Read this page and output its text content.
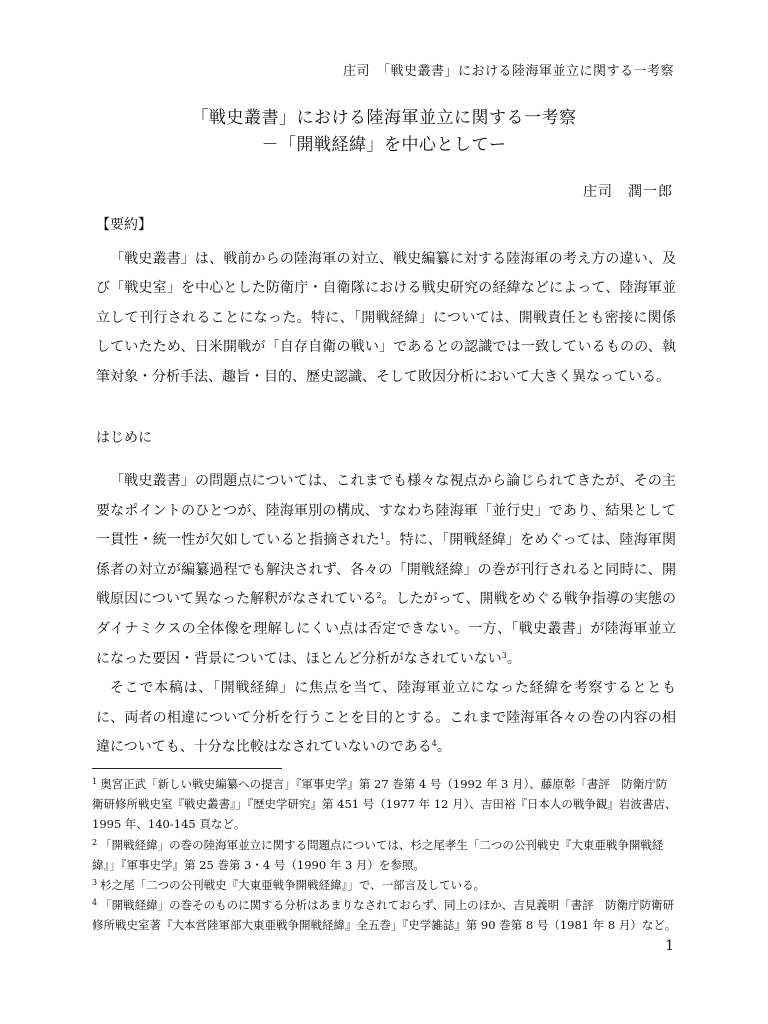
庄司　「戦史叢書」における陸海軍並立に関する一考察
「戦史叢書」における陸海軍並立に関する一考察
－「開戦経緯」を中心としてー
庄司　潤一郎
【要約】

「戦史叢書」は、戦前からの陸海軍の対立、戦史編纂に対する陸海軍の考え方の違い、及び「戦史室」を中心とした防衛庁・自衛隊における戦史研究の経緯などによって、陸海軍並立して刊行されることになった。特に、「開戦経緯」については、開戦責任とも密接に関係していたため、日米開戦が「自存自衛の戦い」であるとの認識では一致しているものの、執筆対象・分析手法、趣旨・目的、歴史認識、そして敗因分析において大きく異なっている。

はじめに

「戦史叢書」の問題点については、これまでも様々な視点から論じられてきたが、その主要なポイントのひとつが、陸海軍別の構成、すなわち陸海軍「並行史」であり、結果として一貫性・統一性が欠如していると指摘された$^1$。特に、「開戦経緯」をめぐっては、陸海軍関係者の対立が編纂過程でも解決されず、各々の「開戦経緯」の巻が刊行されると同時に、開戦原因について異なった解釈がなされている$^2$。したがって、開戦をめぐる戦争指導の実態のダイナミクスの全体像を理解しにくい点は否定できない。一方、「戦史叢書」が陸海軍並立になった要因・背景については、ほとんど分析がなされていない$^3$。

そこで本稿は、「開戦経緯」に焦点を当て、陸海軍並立になった経緯を考察するとともに、両者の相違について分析を行うことを目的とする。これまで陸海軍各々の巻の内容の相違についても、十分な比較はなされていないのである$^4$。

$^1$ 奥宮正武「新しい戦史編纂への提言」『軍事史学』第 27 巻第 4 号（1992 年 3 月）、藤原彰「書評　防衛庁防衛研修所戦史室『戦史叢書』」『歴史学研究』第 451 号（1977 年 12 月）、吉田裕『日本人の戦争観』岩波書店、1995 年、140-145 頁など。

$^2$ 「開戦経緯」の巻の陸海軍並立に関する問題点については、杉之尾孝生「二つの公刊戦史『大東亜戦争開戦経緯』」『軍事史学』第 25 巻第 3・4 号（1990 年 3 月）を参照。

$^3$ 杉之尾「二つの公刊戦史『大東亜戦争開戦経緯』」で、一部言及している。

$^4$ 「開戦経緯」の巻そのものに関する分析はあまりなされておらず、同上のほか、吉見義明「書評　防衛庁防衛研修所戦史室著『大本営陸軍部大東亜戦争開戦経緯』全五巻」『史学雑誌』第 90 巻第 8 号（1981 年 8 月）など。

1
